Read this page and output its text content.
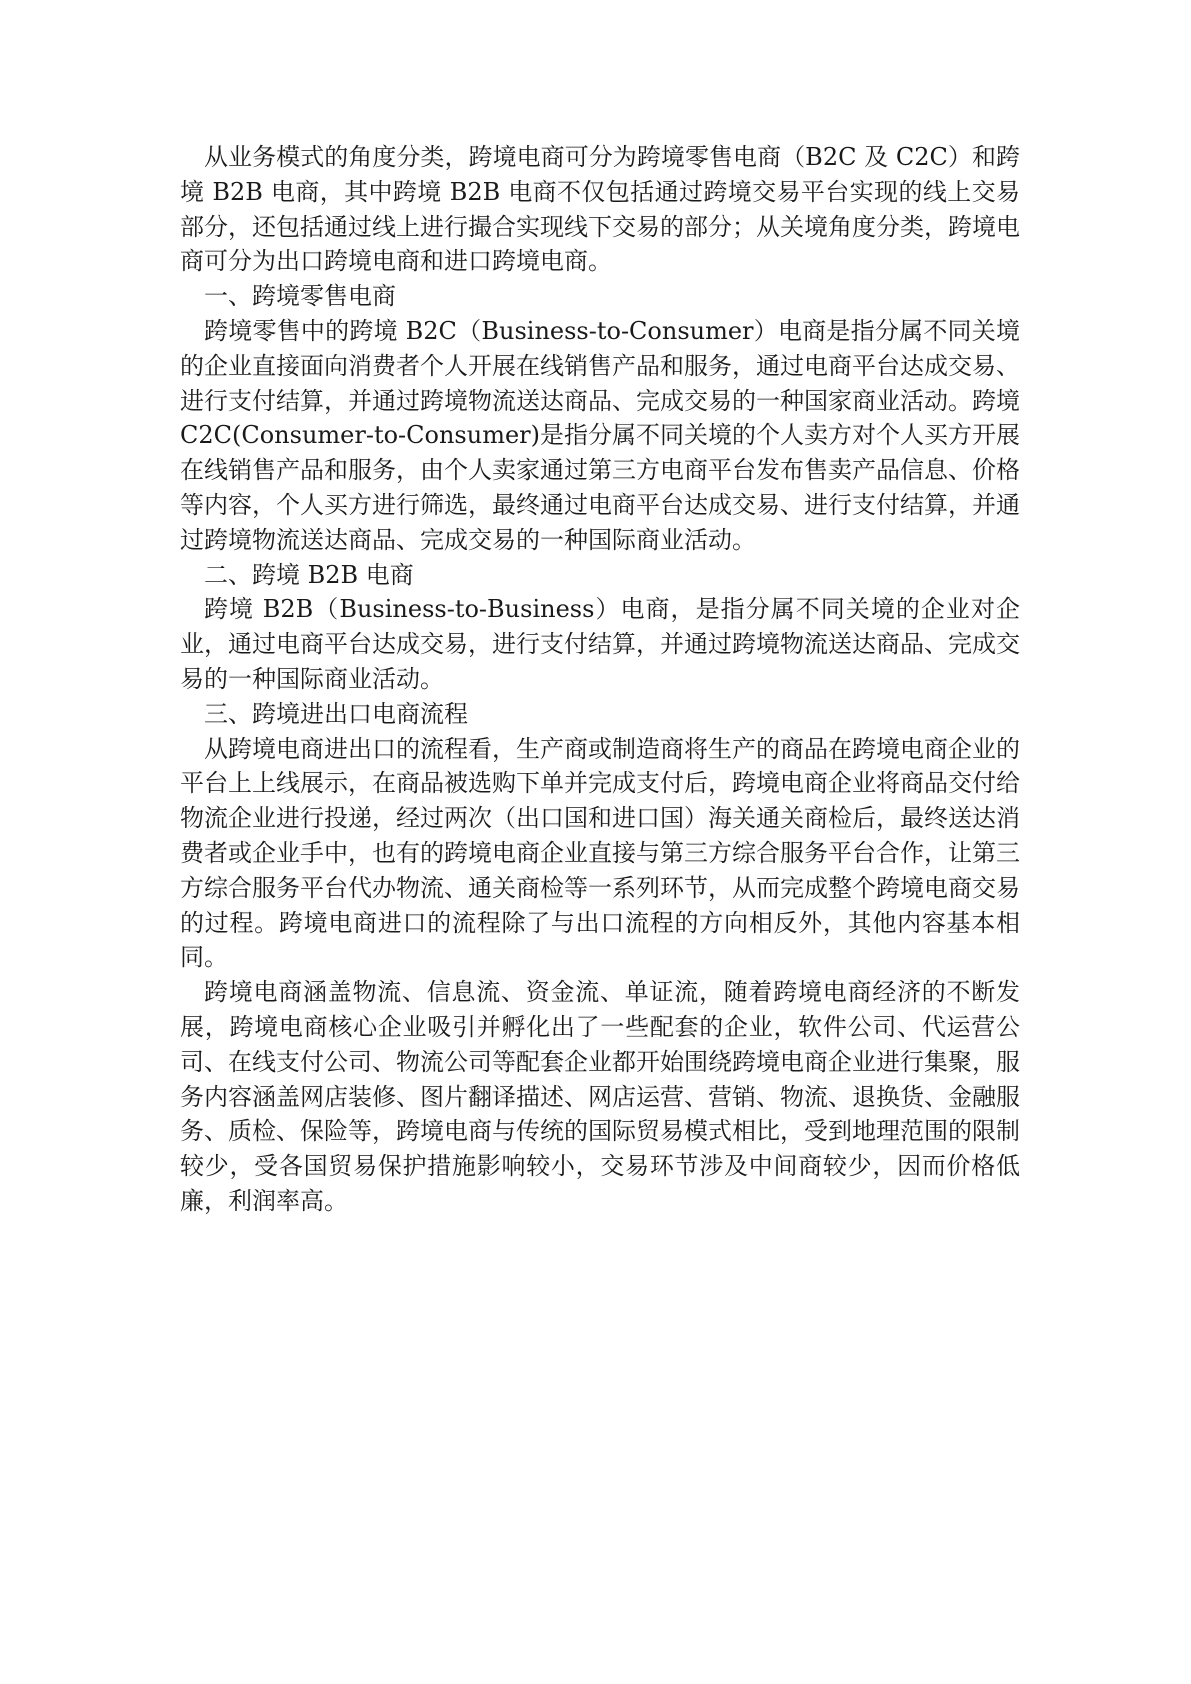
从业务模式的角度分类，跨境电商可分为跨境零售电商（B2C 及 C2C）和跨境 B2B 电商，其中跨境 B2B 电商不仅包括通过跨境交易平台实现的线上交易部分，还包括通过线上进行撮合实现线下交易的部分；从关境角度分类，跨境电商可分为出口跨境电商和进口跨境电商。

一、跨境零售电商

跨境零售中的跨境 B2C（Business-to-Consumer）电商是指分属不同关境的企业直接面向消费者个人开展在线销售产品和服务，通过电商平台达成交易、进行支付结算，并通过跨境物流送达商品、完成交易的一种国家商业活动。跨境 C2C(Consumer-to-Consumer)是指分属不同关境的个人卖方对个人买方开展在线销售产品和服务，由个人卖家通过第三方电商平台发布售卖产品信息、价格等内容，个人买方进行筛选，最终通过电商平台达成交易、进行支付结算，并通过跨境物流送达商品、完成交易的一种国际商业活动。

二、跨境 B2B 电商

跨境 B2B（Business-to-Business）电商，是指分属不同关境的企业对企业，通过电商平台达成交易，进行支付结算，并通过跨境物流送达商品、完成交易的一种国际商业活动。

三、跨境进出口电商流程

从跨境电商进出口的流程看，生产商或制造商将生产的商品在跨境电商企业的平台上上线展示，在商品被选购下单并完成支付后，跨境电商企业将商品交付给物流企业进行投递，经过两次（出口国和进口国）海关通关商检后，最终送达消费者或企业手中，也有的跨境电商企业直接与第三方综合服务平台合作，让第三方综合服务平台代办物流、通关商检等一系列环节，从而完成整个跨境电商交易的过程。跨境电商进口的流程除了与出口流程的方向相反外，其他内容基本相同。

跨境电商涵盖物流、信息流、资金流、单证流，随着跨境电商经济的不断发展，跨境电商核心企业吸引并孵化出了一些配套的企业，软件公司、代运营公司、在线支付公司、物流公司等配套企业都开始围绕跨境电商企业进行集聚，服务内容涵盖网店装修、图片翻译描述、网店运营、营销、物流、退换货、金融服务、质检、保险等，跨境电商与传统的国际贸易模式相比，受到地理范围的限制较少，受各国贸易保护措施影响较小，交易环节涉及中间商较少，因而价格低廉，利润率高。
